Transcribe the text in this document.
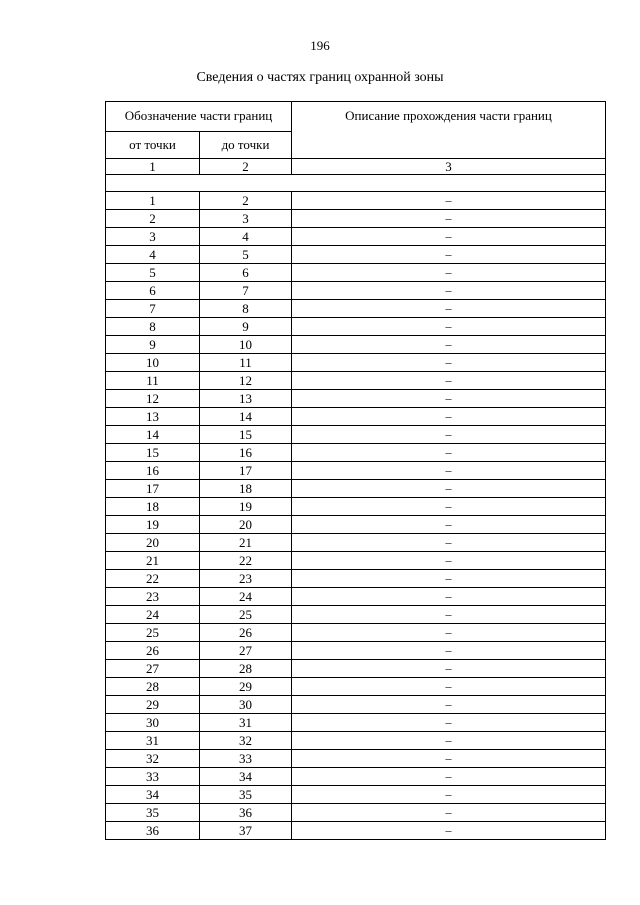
196
Сведения о частях границ охранной зоны
Обозначение части границ		Описание прохождения части границ
от точки	до точки	
1	2	3

1	2	–
2	3	–
3	4	–
4	5	–
5	6	–
6	7	–
7	8	–
8	9	–
9	10	–
10	11	–
11	12	–
12	13	–
13	14	–
14	15	–
15	16	–
16	17	–
17	18	–
18	19	–
19	20	–
20	21	–
21	22	–
22	23	–
23	24	–
24	25	–
25	26	–
26	27	–
27	28	–
28	29	–
29	30	–
30	31	–
31	32	–
32	33	–
33	34	–
34	35	–
35	36	–
36	37	–
